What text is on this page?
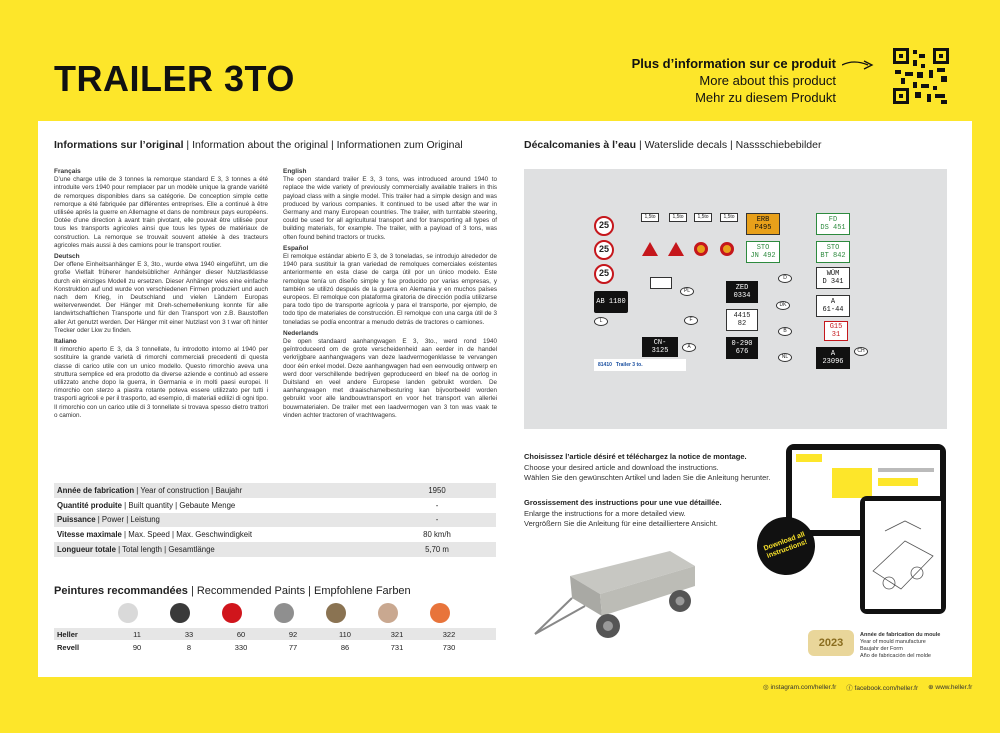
TRAILER 3TO	Plus d’information sur ce produit
More about this product
Mehr zu diesem Produkt
Informations sur l’original | Information about the original | Informationen zum Original
Français
D’une charge utile de 3 tonnes la remorque standard E 3, 3 tonnes a été introduite vers 1940 pour remplacer par un modèle unique la grande variété de remorques disponibles dans sa catégorie. De conception simple cette remorque a été fabriquée par différentes entreprises. Elle a continué à être utilisée après la guerre en Allemagne et dans de nombreux pays européens. Dotée d’une direction à avant train pivotant, elle pouvait être utilisée pour tous les transports agricoles ainsi que tous les types de matériaux de construction. La remorque se trouvait souvent attelée à des tracteurs agricoles mais aussi à des camions pour le transport routier.
Deutsch
Der offene Einheitsanhänger E 3, 3to., wurde etwa 1940 eingeführt, um die große Vielfalt früherer handelsüblicher Anhänger dieser Nutzlastklasse durch ein einziges Modell zu ersetzen. Dieser Anhänger wies eine einfache Konstruktion auf und wurde von verschiedenen Firmen produziert und auch nach dem Krieg, in Deutschland und vielen Ländern Europas weiterverwendet. Der Hänger mit Dreh-schemellenkung konnte für alle landwirtschaftlichen Transporte und für den Transport von z.B. Baustoffen aller Art genutzt werden. Der Hänger mit einer Nutzlast von 3 t war oft hinter Trecker oder Lkw zu finden.
Italiano
Il rimorchio aperto E 3, da 3 tonnellate, fu introdotto intorno al 1940 per sostituire la grande varietà di rimorchi commerciali precedenti di questa classe di carico utile con un unico modello. Questo rimorchio aveva una struttura semplice ed era prodotto da diverse aziende e continuò ad essere utilizzato anche dopo la guerra, in Germania e in molti paesi europei. Il rimorchio con sterzo a piastra rotante poteva essere utilizzato per tutti i trasporti agricoli e per il trasporto, ad esempio, di materiali edilizi di ogni tipo. Il rimorchio con un carico utile di 3 tonnellate si trovava spesso dietro trattori o camion.
English
The open standard trailer E 3, 3 tons, was introduced around 1940 to replace the wide variety of previously commercially available trailers in this payload class with a single model. This trailer had a simple design and was produced by various companies. It continued to be used after the war in Germany and many European countries. The trailer, with turntable steering, could be used for all agricultural transport and for transporting all types of building materials, for example. The trailer, with a payload of 3 tons, was often found behind tractors or trucks.
Español
El remolque estándar abierto E 3, de 3 toneladas, se introdujo alrededor de 1940 para sustituir la gran variedad de remolques comerciales existentes anteriormente en esta clase de carga útil por un único modelo. Este remolque tenía un diseño simple y fue producido por varias empresas, y también se utilizó después de la guerra en Alemania y en muchos países europeos. El remolque con plataforma giratoria de dirección podía utilizarse para todo tipo de transporte agrícola y para el transporte, por ejemplo, de todo tipo de materiales de construcción. El remolque con una carga útil de 3 toneladas se podía encontrar a menudo detrás de tractores o camiones.
Nederlands
De open standaard aanhangwagen E 3, 3to., werd rond 1940 geïntroduceerd om de grote verscheidenheid aan eerder in de handel verkrijgbare aanhangwagens van deze laadvermogenklasse te vervangen door één enkel model. Deze aanhangwagen had een eenvoudig ontwerp en werd door verschillende bedrijven geproduceerd en bleef na de oorlog in Duitsland en veel andere Europese landen gebruikt worden. De aanhangwagen met draaischamelbesturing kan bijvoorbeeld worden gebruikt voor alle landbouwtransport en voor het transport van allerlei bouwmaterialen. De trailer met een laadvermogen van 3 ton was vaak te vinden achter tractoren of vrachtwagens.
Année de fabrication | Year of construction | Baujahr	1950
Quantité produite | Built quantity | Gebaute Menge	-
Puissance | Power | Leistung	-
Vitesse maximale | Max. Speed | Max. Geschwindigkeit	80 km/h
Longueur totale | Total length | Gesamtlänge	5,70 m
Peintures recommandées | Recommended Paints | Empfohlene Farben
Heller	11	33	60	92	110	321	322
Revell	90	8	330	77	86	731	730
Décalcomanies à l’eau | Waterslide decals | Nassschiebebilder
25
25
25
1,5to	1,5to	1,5to	1,5to
AB 1180
ZED
0334
4415
82
0-290
676
CN-
3125
ERB
P495
STO
JN 492
FD
DS 451
STO
BT 842
WÜM
D 341
A
61-44
G15
31
A
23096
L
PL
F
A
D
DK
B
NL
CH
81410 Trailer 3 to.
Choisissez l’article désiré et téléchargez la notice de montage.
Choose your desired article and download the instructions.
Wählen Sie den gewünschten Artikel und laden Sie die Anleitung herunter.
Grossissement des instructions pour une vue détaillée.
Enlarge the instructions for a more detailed view.
Vergrößern Sie die Anleitung für eine detailliertere Ansicht.
Download all instructions!
2023
Année de fabrication du moule
Year of mould manufacture
Baujahr der Form
Año de fabricación del molde
◎ instagram.com/heller.fr ⓕ facebook.com/heller.fr ⊕ www.heller.fr
